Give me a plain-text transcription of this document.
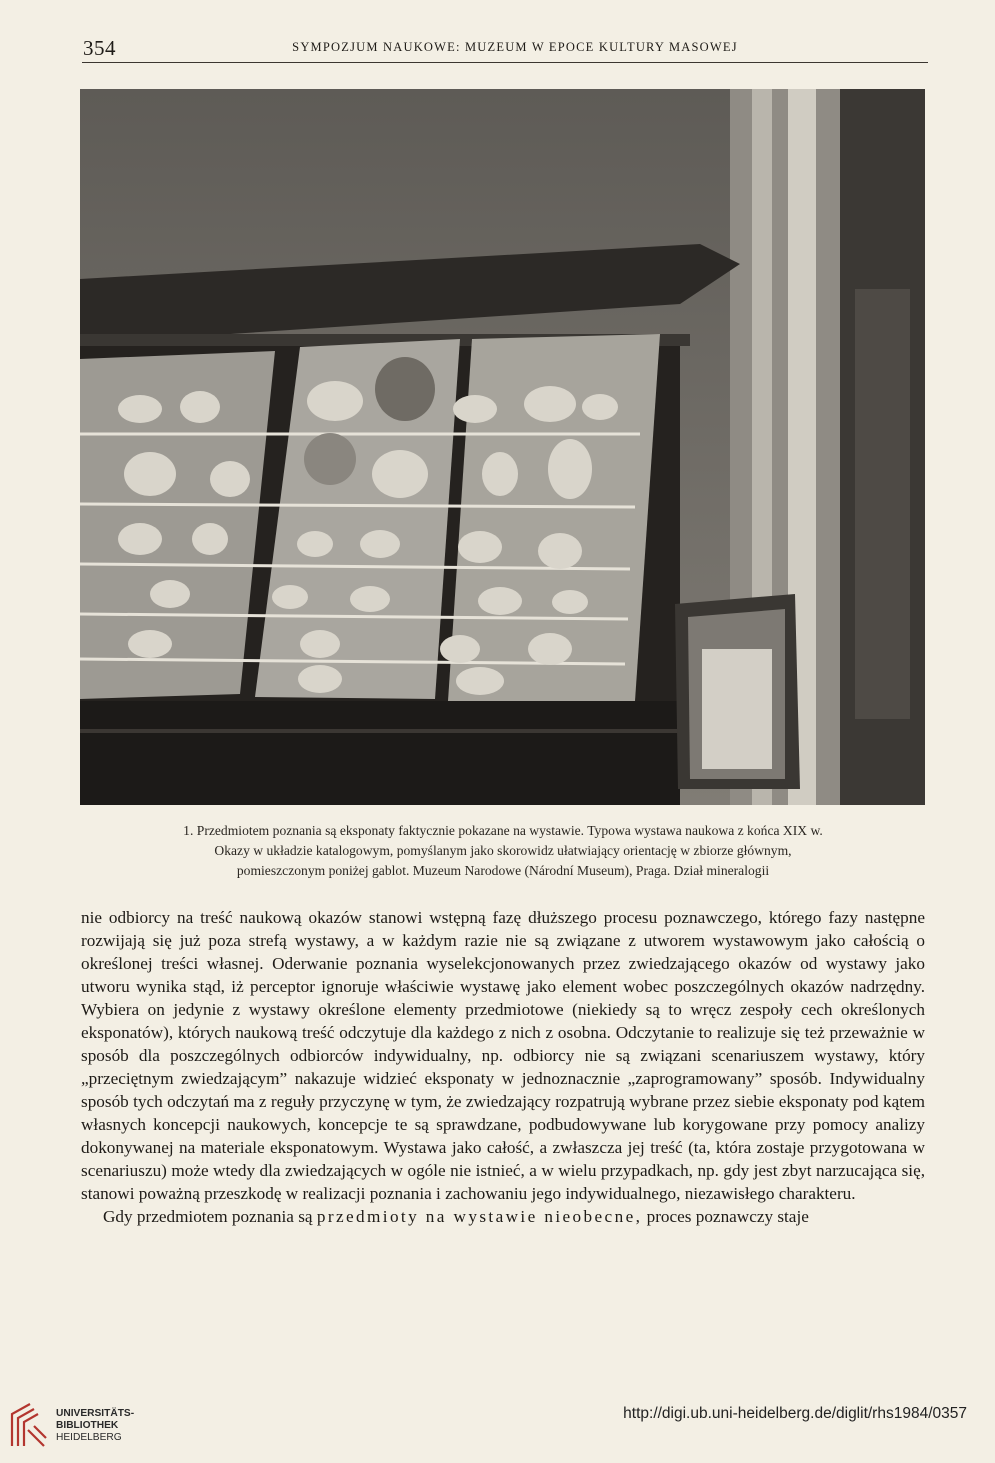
354	SYMPOZJUM NAUKOWE: MUZEUM W EPOCE KULTURY MASOWEJ

1. Przedmiotem poznania są eksponaty faktycznie pokazane na wystawie. Typowa wystawa naukowa z końca XIX w.

Okazy w układzie katalogowym, pomyślanym jako skorowidz ułatwiający orientację w zbiorze głównym,

pomieszczonym poniżej gablot. Muzeum Narodowe (Národní Museum), Praga. Dział mineralogii

nie odbiorcy na treść naukową okazów stanowi wstępną fazę dłuższego procesu poznawczego, którego fazy następne rozwijają się już poza strefą wystawy, a w każdym razie nie są związane z utworem wystawowym jako całością o określonej treści własnej. Oderwanie poznania wyselekcjonowanych przez zwiedzającego okazów od wystawy jako utworu wynika stąd, iż perceptor ignoruje właściwie wystawę jako element wobec poszczególnych okazów nadrzędny. Wybiera on jedynie z wystawy określone elementy przedmiotowe (niekiedy są to wręcz zespoły cech określonych eksponatów), których naukową treść odczytuje dla każdego z nich z osobna. Odczytanie to realizuje się też przeważnie w sposób dla poszczególnych odbiorców indywidualny, np. odbiorcy nie są związani scenariuszem wystawy, który „przeciętnym zwiedzającym” nakazuje widzieć eksponaty w jednoznacznie „zaprogramowany” sposób. Indywidualny sposób tych odczytań ma z reguły przyczynę w tym, że zwiedzający rozpatrują wybrane przez siebie eksponaty pod kątem własnych koncepcji naukowych, koncepcje te są sprawdzane, podbudowywane lub korygowane przy pomocy analizy dokonywanej na materiale eksponatowym. Wystawa jako całość, a zwłaszcza jej treść (ta, która zostaje przygotowana w scenariuszu) może wtedy dla zwiedzających w ogóle nie istnieć, a w wielu przypadkach, np. gdy jest zbyt narzucająca się, stanowi poważną przeszkodę w realizacji poznania i zachowaniu jego indywidualnego, niezawisłego charakteru.

Gdy przedmiotem poznania są przedmioty na wystawie nieobecne, proces poznawczy staje

UNIVERSITÄTS-
BIBLIOTHEK
HEIDELBERG
http://digi.ub.uni-heidelberg.de/diglit/rhs1984/0357
